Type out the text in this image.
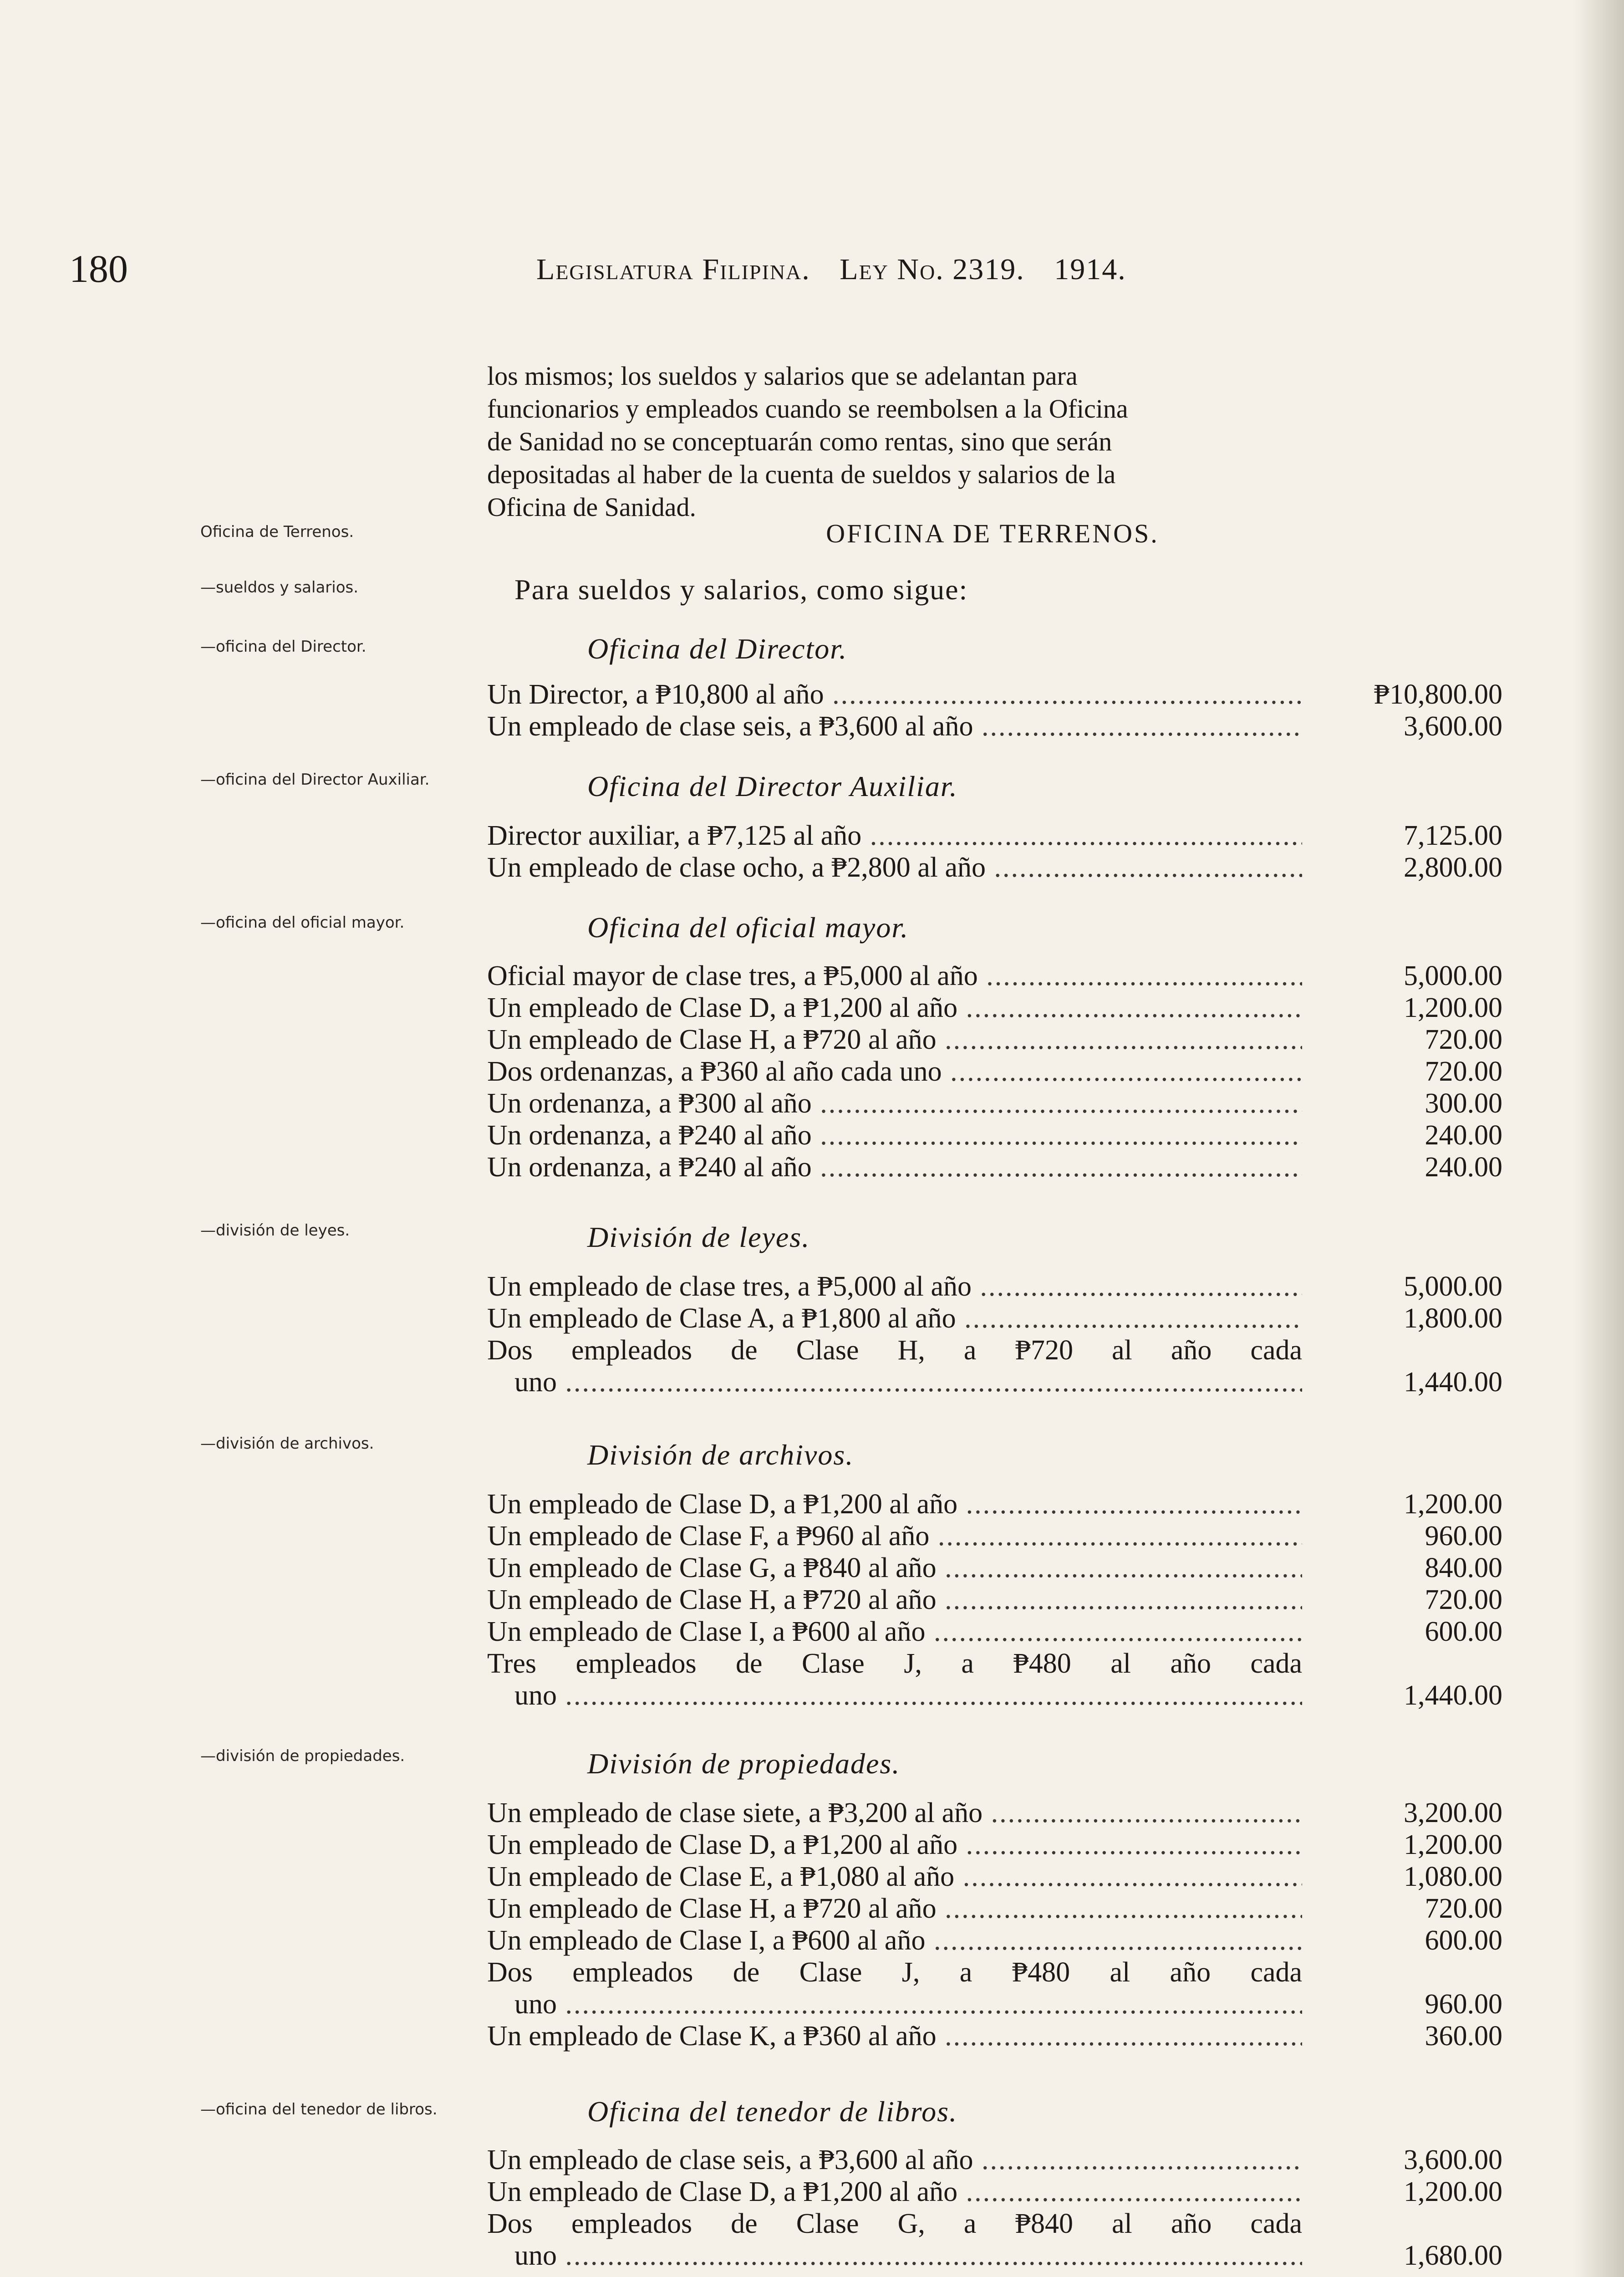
180	Legislatura Filipina. Ley No. 2319. 1914.
los mismos; los sueldos y salarios que se adelantan para
funcionarios y empleados cuando se reembolsen a la Oficina
de Sanidad no se conceptuarán como rentas, sino que serán
depositadas al haber de la cuenta de sueldos y salarios de la
Oficina de Sanidad.
Oficina de Terrenos.	OFICINA DE TERRENOS.
—sueldos y salarios.	Para sueldos y salarios, como sigue:
—oficina del Director.
—oficina del Director Auxiliar.
—oficina del oficial mayor.
—división de leyes.
—división de archivos.
—división de propiedades.
—oficina del tenedor de libros.
Oficina del Director.
Un Director, a ₱10,800 al año .....	₱10,800.00
Un empleado de clase seis, a ₱3,600 al año .....	3,600.00
Oficina del Director Auxiliar.
Director auxiliar, a ₱7,125 al año .....	7,125.00
Un empleado de clase ocho, a ₱2,800 al año .....	2,800.00
Oficina del oficial mayor.
Oficial mayor de clase tres, a ₱5,000 al año .....	5,000.00
Un empleado de Clase D, a ₱1,200 al año .....	1,200.00
Un empleado de Clase H, a ₱720 al año .....	720.00
Dos ordenanzas, a ₱360 al año cada uno .....	720.00
Un ordenanza, a ₱300 al año .....	300.00
Un ordenanza, a ₱240 al año .....	240.00
Un ordenanza, a ₱240 al año .....	240.00
División de leyes.
Un empleado de clase tres, a ₱5,000 al año .....	5,000.00
Un empleado de Clase A, a ₱1,800 al año .....	1,800.00
Dos empleados de Clase H, a ₱720 al año cada
uno .....	1,440.00
División de archivos.
Un empleado de Clase D, a ₱1,200 al año .....	1,200.00
Un empleado de Clase F, a ₱960 al año .....	960.00
Un empleado de Clase G, a ₱840 al año .....	840.00
Un empleado de Clase H, a ₱720 al año .....	720.00
Un empleado de Clase I, a ₱600 al año .....	600.00
Tres empleados de Clase J, a ₱480 al año cada
uno .....	1,440.00
División de propiedades.
Un empleado de clase siete, a ₱3,200 al año .....	3,200.00
Un empleado de Clase D, a ₱1,200 al año .....	1,200.00
Un empleado de Clase E, a ₱1,080 al año .....	1,080.00
Un empleado de Clase H, a ₱720 al año .....	720.00
Un empleado de Clase I, a ₱600 al año .....	600.00
Dos empleados de Clase J, a ₱480 al año cada
uno .....	960.00
Un empleado de Clase K, a ₱360 al año .....	360.00
Oficina del tenedor de libros.
Un empleado de clase seis, a ₱3,600 al año .....	3,600.00
Un empleado de Clase D, a ₱1,200 al año .....	1,200.00
Dos empleados de Clase G, a ₱840 al año cada
uno .....	1,680.00
